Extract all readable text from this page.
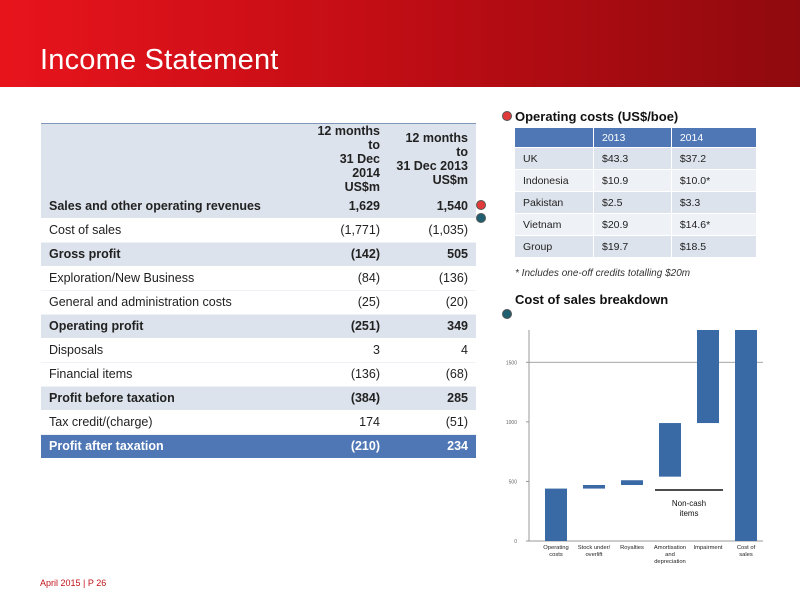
Income Statement
	12 months to
31 Dec 2014
US$m	12 months to
31 Dec 2013
US$m
Sales and other operating revenues	1,629	1,540
Cost of sales	(1,771)	(1,035)
Gross profit	(142)	505
Exploration/New Business	(84)	(136)
General and administration costs	(25)	(20)
Operating profit	(251)	349
Disposals	3	4
Financial items	(136)	(68)
Profit before taxation	(384)	285
Tax credit/(charge)	174	(51)
Profit after taxation	(210)	234
Operating costs (US$/boe)
	2013	2014
UK	$43.3	$37.2
Indonesia	$10.9	$10.0*
Pakistan	$2.5	$3.3
Vietnam	$20.9	$14.6*
Group	$19.7	$18.5
* Includes one-off credits totalling $20m
Cost of sales breakdown
0
500
1000
1500
Operating
costs
Stock under/
overlift
Royalties Amortisation
and
depreciation
Impairment Cost of
sales
Non-cash
items
April 2015 | P 26
